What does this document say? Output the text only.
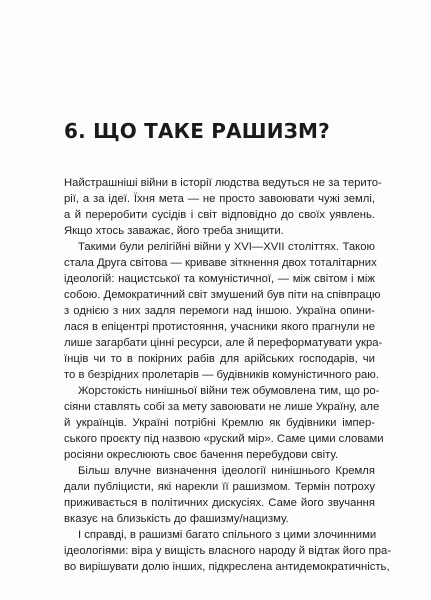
6. ЩО ТАКЕ РАШИЗМ?

Найстрашніші війни в історії людства ведуться не за терито-
рії, а за ідеї. Їхня мета — не просто завоювати чужі землі,
а й переробити сусідів і світ відповідно до своїх уявлень.
Якщо хтось заважає, його треба знищити.

Такими були релігійні війни у XVI—XVII століттях. Такою
стала Друга світова — криваве зіткнення двох тоталітарних
ідеологій: нацистської та комуністичної, — між світом і між
собою. Демократичний світ змушений був піти на співпрацю
з однією з них задля перемоги над іншою. Україна опини-
лася в епіцентрі протистояння, учасники якого прагнули не
лише загарбати цінні ресурси, але й переформатувати укра-
їнців чи то в покірних рабів для арійських господарів, чи
то в безрідних пролетарів — будівників комуністичного раю.

Жорстокість нинішньої війни теж обумовлена тим, що ро-
сіяни ставлять собі за мету завоювати не лише Україну, але
й українців. Україні потрібні Кремлю як будівники імпер-
ського проєкту під назвою «руский мір». Саме цими словами
росіяни окреслюють своє бачення перебудови світу.

Більш влучне визначення ідеології нинішнього Кремля
дали публіцисти, які нарекли її рашизмом. Термін потроху
приживається в політичних дискусіях. Саме його звучання
вказує на близькість до фашизму/нацизму.

І справді, в рашизмі багато спільного з цими злочинними
ідеологіями: віра у вищість власного народу й відтак його пра-
во вирішувати долю інших, підкреслена антидемократичність,
